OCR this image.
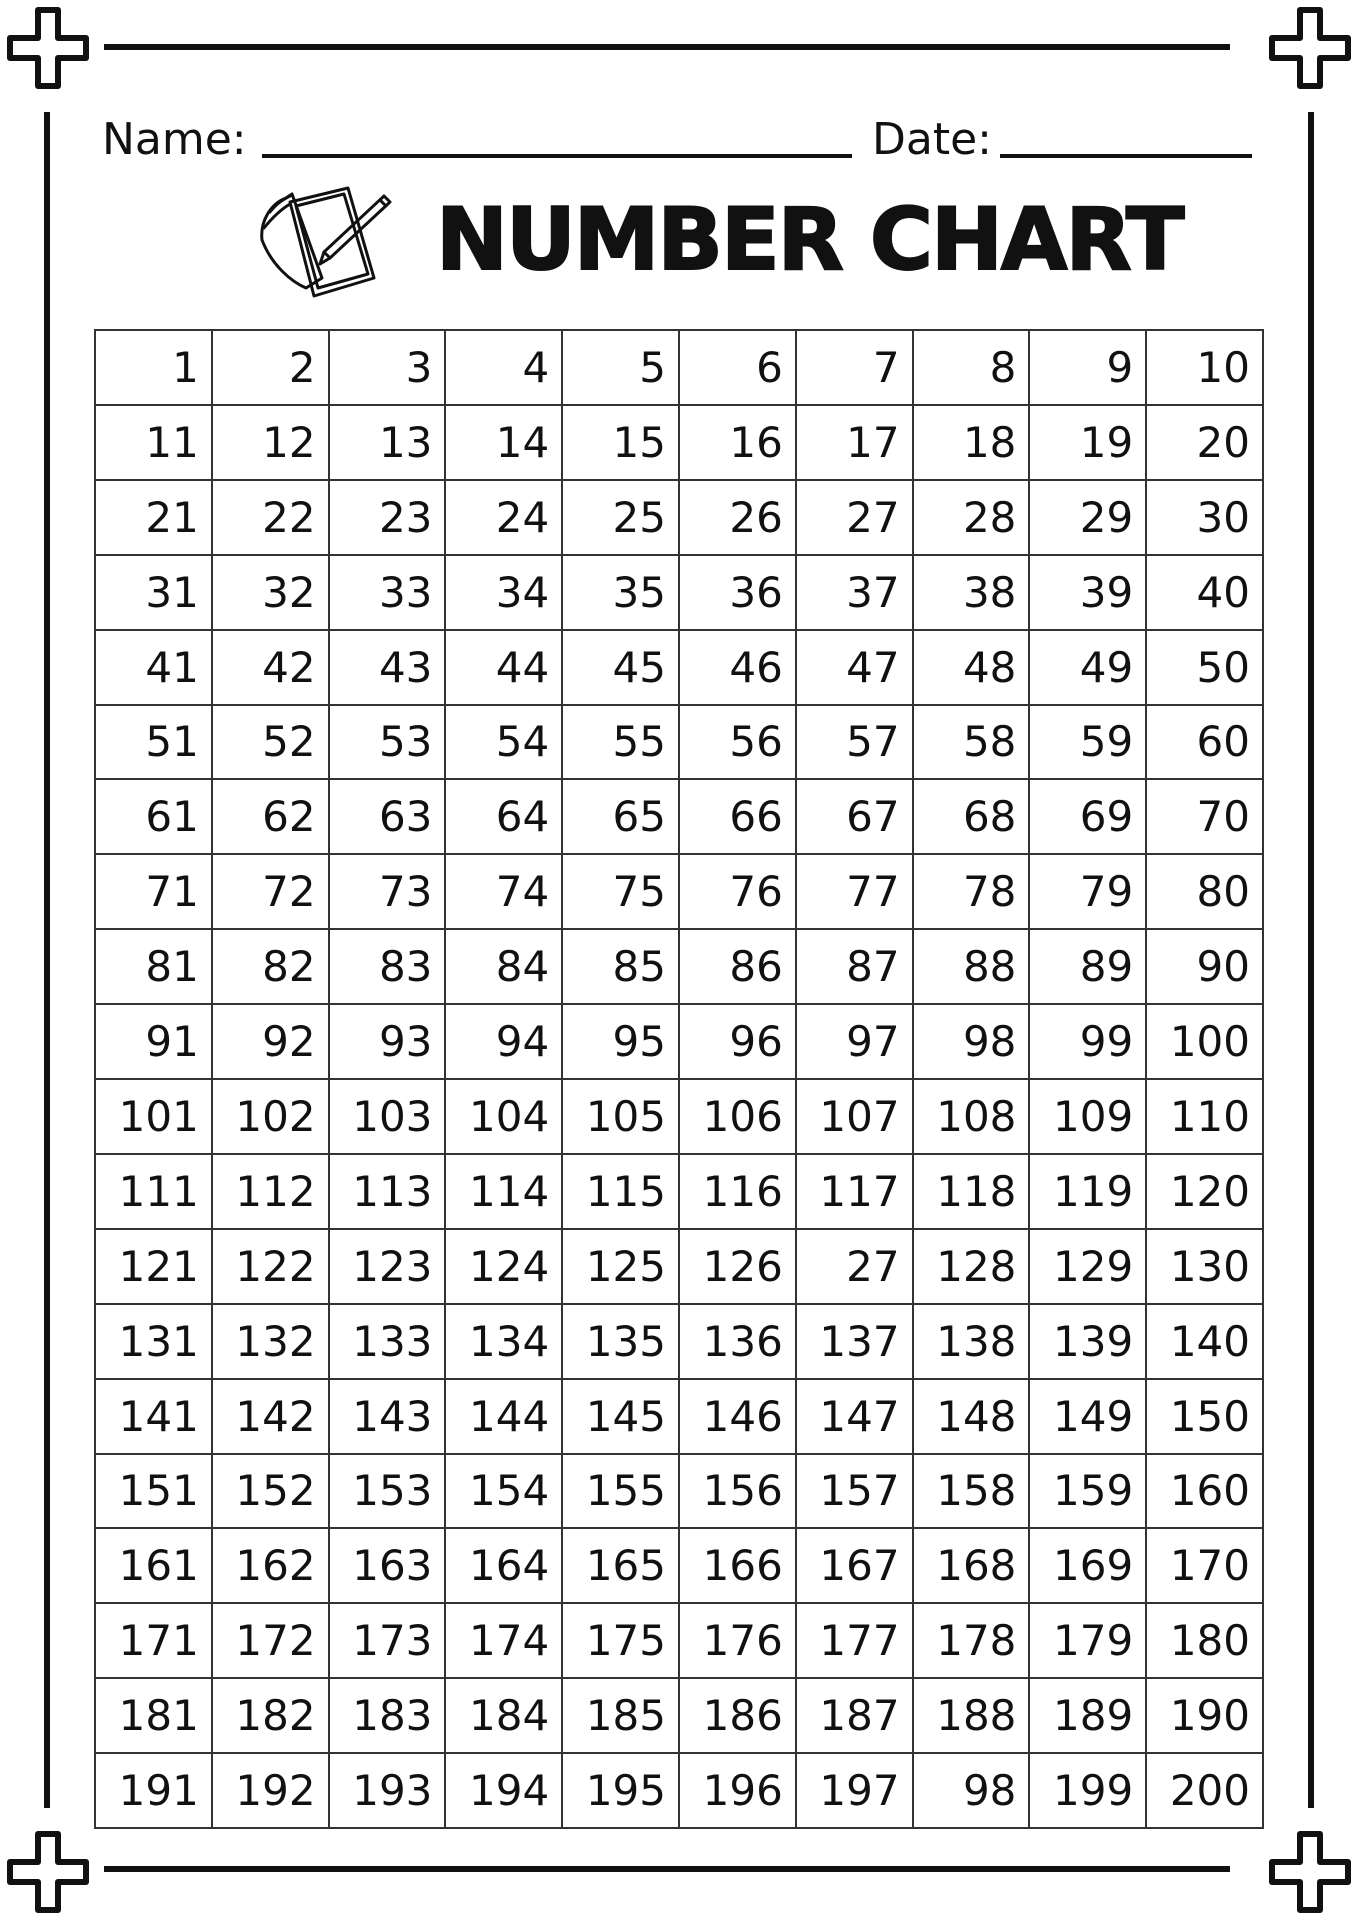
Name:	Date:
NUMBER CHART
1	2	3	4	5	6	7	8	9	10
11	12	13	14	15	16	17	18	19	20
21	22	23	24	25	26	27	28	29	30
31	32	33	34	35	36	37	38	39	40
41	42	43	44	45	46	47	48	49	50
51	52	53	54	55	56	57	58	59	60
61	62	63	64	65	66	67	68	69	70
71	72	73	74	75	76	77	78	79	80
81	82	83	84	85	86	87	88	89	90
91	92	93	94	95	96	97	98	99 100
101 102 103 104 105 106 107 108 109 110
111 112 113 114 115 116 117 118 119 120
121 122 123 124 125 126	27 128 129 130
131 132 133 134 135 136 137 138 139 140
141 142 143 144 145 146 147 148 149 150
151 152 153 154 155 156 157 158 159 160
161 162 163 164 165 166 167 168 169 170
171 172 173 174 175 176 177 178 179 180
181 182 183 184 185 186 187 188 189 190
191 192 193 194 195 196 197	98 199 200
